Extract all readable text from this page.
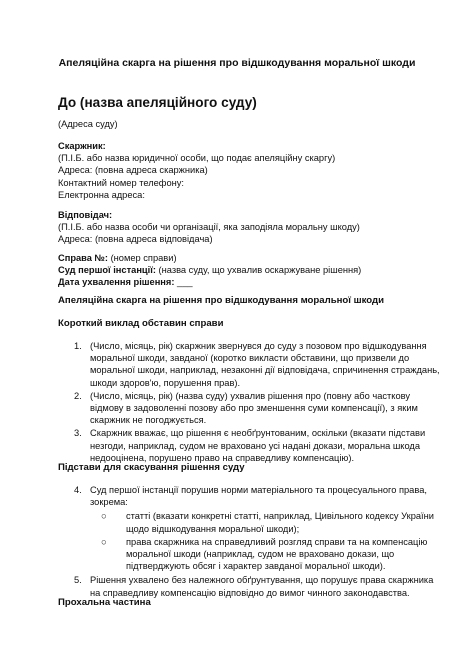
Апеляційна скарга на рішення про відшкодування моральної шкоди
До (назва апеляційного суду)
(Адреса суду)
Скаржник:
(П.І.Б. або назва юридичної особи, що подає апеляційну скаргу)
Адреса: (повна адреса скаржника)
Контактний номер телефону:
Електронна адреса:
Відповідач:
(П.І.Б. або назва особи чи організації, яка заподіяла моральну шкоду)
Адреса: (повна адреса відповідача)
Справа №: (номер справи)
Суд першої інстанції: (назва суду, що ухвалив оскаржуване рішення)
Дата ухвалення рішення: ___
Апеляційна скарга на рішення про відшкодування моральної шкоди
Короткий виклад обставин справи
1. (Число, місяць, рік) скаржник звернувся до суду з позовом про відшкодування
моральної шкоди, завданої (коротко викласти обставини, що призвели до
моральної шкоди, наприклад, незаконні дії відповідача, спричинення страждань,
шкоди здоров'ю, порушення прав).
2. (Число, місяць, рік) (назва суду) ухвалив рішення про (повну або часткову
відмову в задоволенні позову або про зменшення суми компенсації), з яким
скаржник не погоджується.
3. Скаржник вважає, що рішення є необґрунтованим, оскільки (вказати підстави
незгоди, наприклад, судом не враховано усі надані докази, моральна шкода
недооцінена, порушено право на справедливу компенсацію).
Підстави для скасування рішення суду
4. Суд першої інстанції порушив норми матеріального та процесуального права,
зокрема:
○ статті (вказати конкретні статті, наприклад, Цивільного кодексу України
щодо відшкодування моральної шкоди);
○ права скаржника на справедливий розгляд справи та на компенсацію
моральної шкоди (наприклад, судом не враховано докази, що
підтверджують обсяг і характер завданої моральної шкоди).
5. Рішення ухвалено без належного обґрунтування, що порушує права скаржника
на справедливу компенсацію відповідно до вимог чинного законодавства.
Прохальна частина
